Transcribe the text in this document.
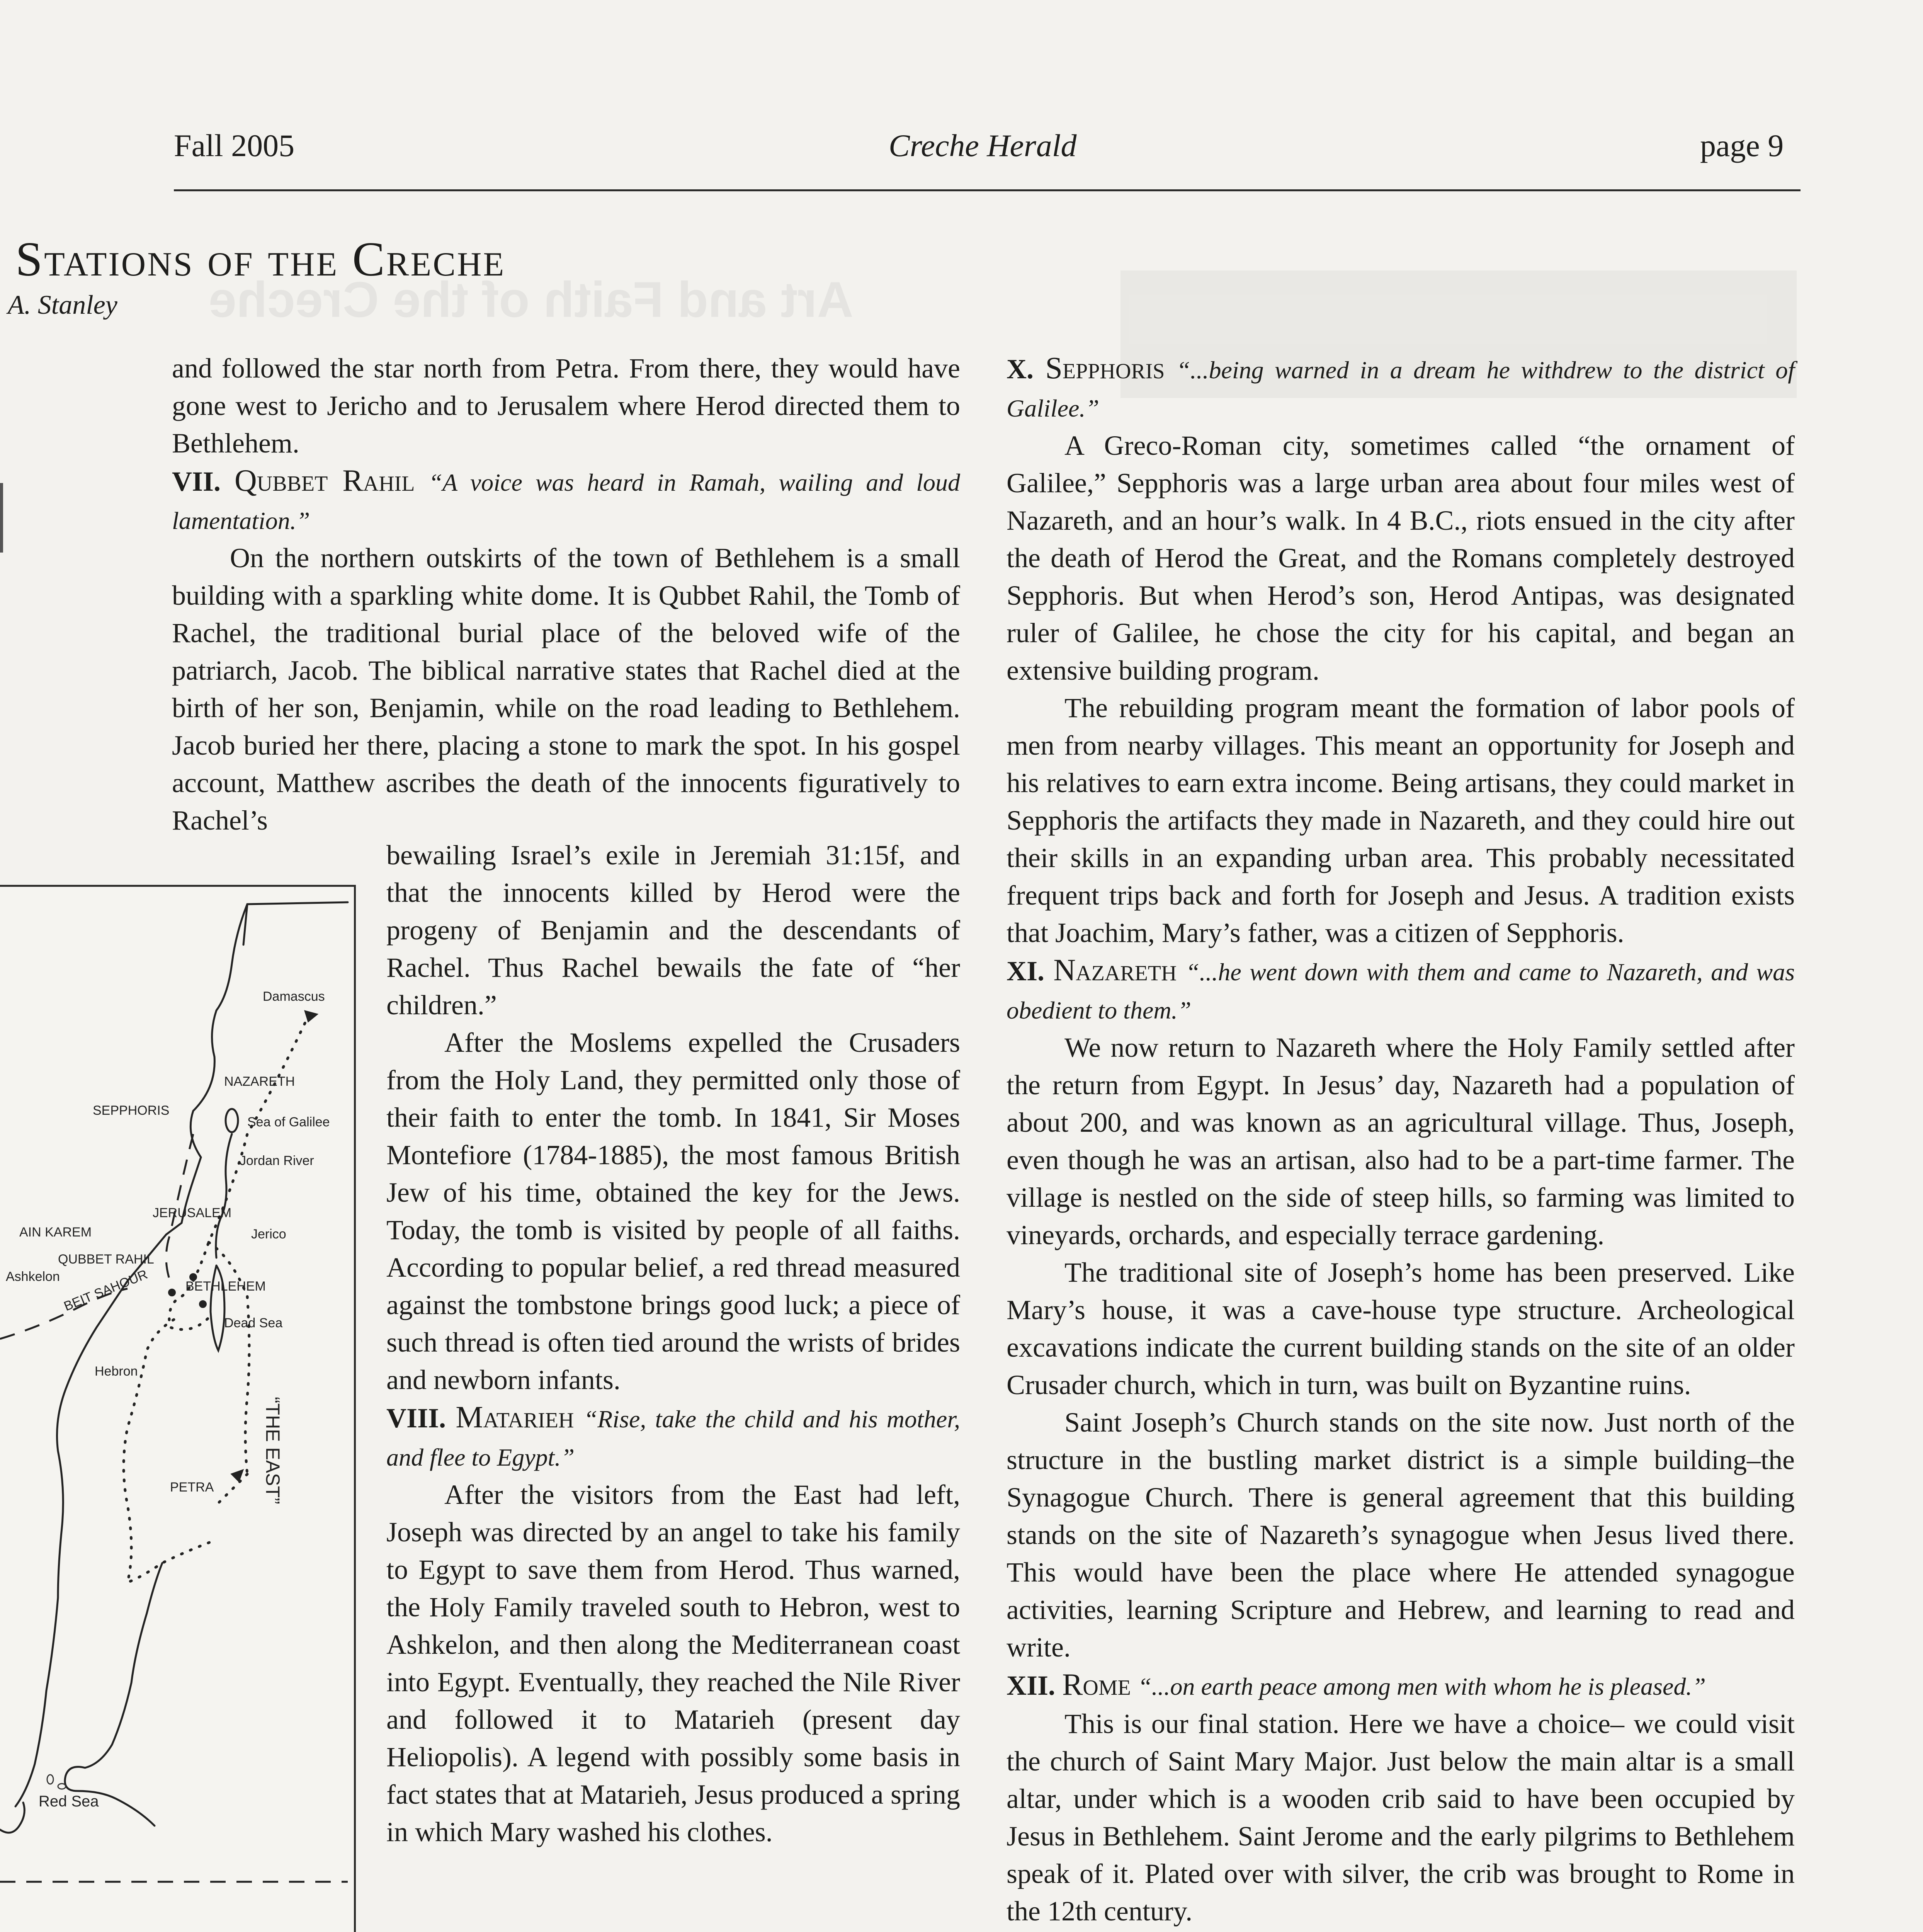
Art and Faith of the Creche
Fall 2005	Creche Herald	page 9
Stations of the Creche
A. Stanley

and followed the star north from Petra. From there, they would have gone west to Jericho and to Jerusalem where Herod directed them to Bethlehem.

VII. Qubbet Rahil “A voice was heard in Ramah, wailing and loud lamentation.”

On the northern outskirts of the town of Bethlehem is a small building with a sparkling white dome. It is Qubbet Rahil, the Tomb of Rachel, the traditional burial place of the beloved wife of the patriarch, Jacob. The biblical narrative states that Rachel died at the birth of her son, Benjamin, while on the road leading to Bethlehem. Jacob buried her there, placing a stone to mark the spot. In his gospel account, Matthew ascribes the death of the innocents figuratively to Rachel’s

bewailing Israel’s exile in Jeremiah 31:15f, and that the innocents killed by Herod were the progeny of Benjamin and the descendants of Rachel. Thus Rachel bewails the fate of “her children.”

After the Moslems expelled the Crusaders from the Holy Land, they permitted only those of their faith to enter the tomb. In 1841, Sir Moses Montefiore (1784-1885), the most famous British Jew of his time, obtained the key for the Jews. Today, the tomb is visited by people of all faiths. According to popular belief, a red thread measured against the tombstone brings good luck; a piece of such thread is often tied around the wrists of brides and newborn infants.

VIII. Matarieh “Rise, take the child and his mother, and flee to Egypt.”

After the visitors from the East had left, Joseph was directed by an angel to take his family to Egypt to save them from Herod. Thus warned, the Holy Family traveled south to Hebron, west to Ashkelon, and then along the Mediterranean coast into Egypt. Eventually, they reached the Nile River and followed it to Matarieh (present day Heliopolis). A legend with possibly some basis in fact states that at Matarieh, Jesus produced a spring in which Mary washed his clothes.

X. Sepphoris “...being warned in a dream he withdrew to the district of Galilee.”

A Greco-Roman city, sometimes called “the ornament of Galilee,” Sepphoris was a large urban area about four miles west of Nazareth, and an hour’s walk. In 4 B.C., riots ensued in the city after the death of Herod the Great, and the Romans completely destroyed Sepphoris. But when Herod’s son, Herod Antipas, was designated ruler of Galilee, he chose the city for his capital, and began an extensive building program.

The rebuilding program meant the formation of labor pools of men from nearby villages. This meant an opportunity for Joseph and his relatives to earn extra income. Being artisans, they could market in Sepphoris the artifacts they made in Nazareth, and they could hire out their skills in an expanding urban area. This probably necessitated frequent trips back and forth for Joseph and Jesus. A tradition exists that Joachim, Mary’s father, was a citizen of Sepphoris.

XI. Nazareth “...he went down with them and came to Nazareth, and was obedient to them.”

We now return to Nazareth where the Holy Family settled after the return from Egypt. In Jesus’ day, Nazareth had a population of about 200, and was known as an agricultural village. Thus, Joseph, even though he was an artisan, also had to be a part-time farmer. The village is nestled on the side of steep hills, so farming was limited to vineyards, orchards, and especially terrace gardening.

The traditional site of Joseph’s home has been preserved. Like Mary’s house, it was a cave-house type structure. Archeological excavations indicate the current building stands on the site of an older Crusader church, which in turn, was built on Byzantine ruins.

Saint Joseph’s Church stands on the site now. Just north of the structure in the bustling market district is a simple building–the Synagogue Church. There is general agreement that this building stands on the site of Nazareth’s synagogue when Jesus lived there. This would have been the place where He attended synagogue activities, learning Scripture and Hebrew, and learning to read and write.

XII. Rome “...on earth peace among men with whom he is pleased.”

This is our final station. Here we have a choice– we could visit the church of Saint Mary Major. Just below the main altar is a small altar, under which is a wooden crib said to have been occupied by Jesus in Bethlehem. Saint Jerome and the early pilgrims to Bethlehem speak of it. Plated over with silver, the crib was brought to Rome in the 12th century.

Damascus
NAZARETH
SEPPHORIS
Sea of Galilee
Jordan River
JERUSALEM
AIN KAREM	Jerico
QUBBET RAHIL
Ashkelon
BETHLEHEM
BEIT SAHOUR
Dead Sea
Hebron
PETRA “THE EAST”
Red Sea
